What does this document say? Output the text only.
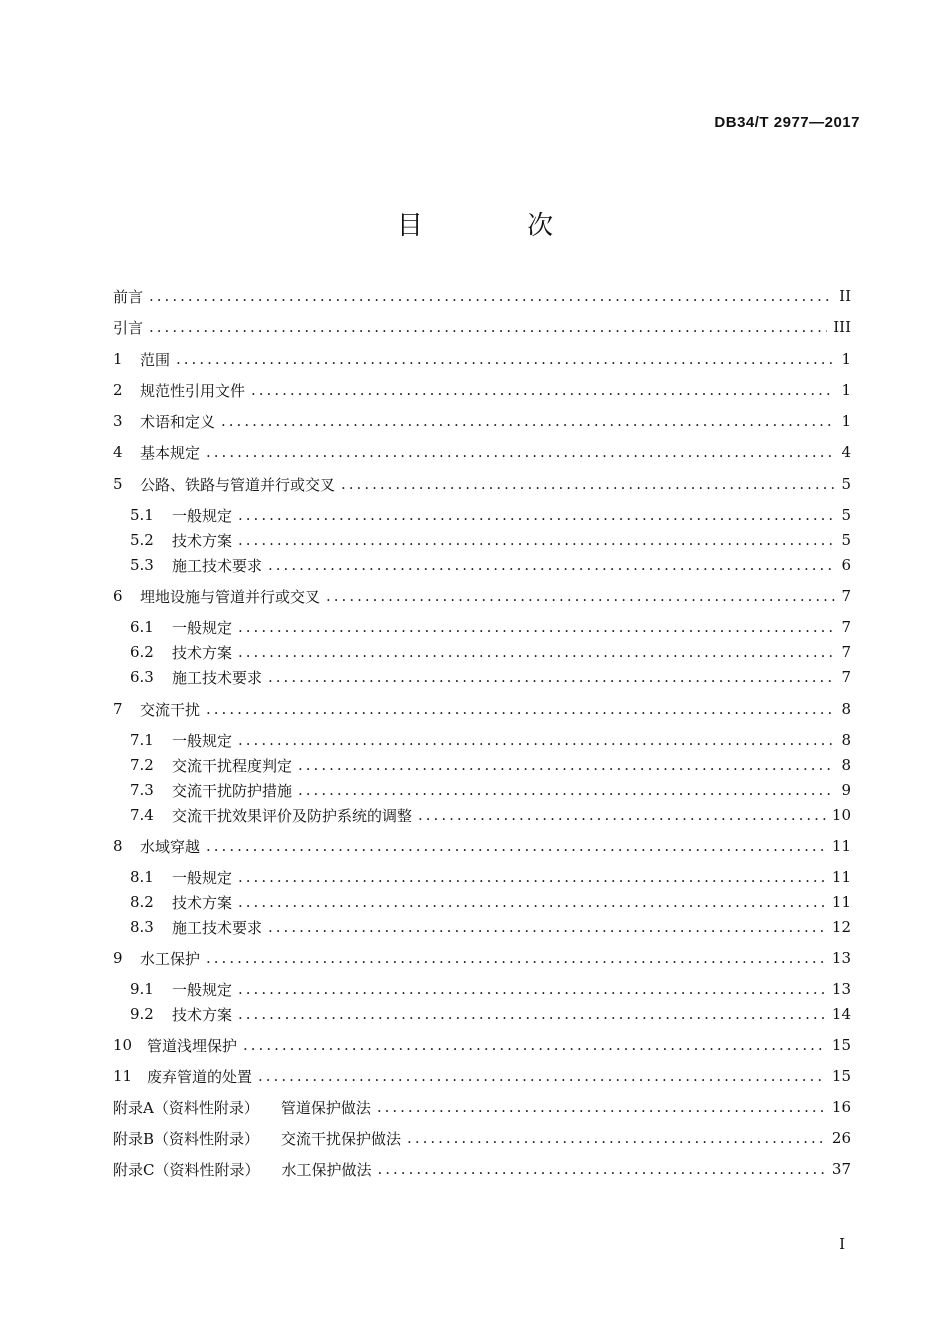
DB34/T 2977—2017
目 次
前言 .....	II
引言 .....	III
1	范围 .....	1
2	规范性引用文件 .....	1
3	术语和定义 .....	1
4	基本规定 .....	4
5	公路、铁路与管道并行或交叉 .....	5
5.1	一般规定 .....	5
5.2	技术方案 .....	5
5.3	施工技术要求 .....	6
6	埋地设施与管道并行或交叉 .....	7
6.1	一般规定 .....	7
6.2	技术方案 .....	7
6.3	施工技术要求 .....	7
7	交流干扰 .....	8
7.1	一般规定 .....	8
7.2	交流干扰程度判定 .....	8
7.3	交流干扰防护措施 .....	9
7.4	交流干扰效果评价及防护系统的调整 .....	10
8	水域穿越 .....	11
8.1	一般规定 .....	11
8.2	技术方案 .....	11
8.3	施工技术要求 .....	12
9	水工保护 .....	13
9.1	一般规定 .....	13
9.2	技术方案 .....	14
10 管道浅埋保护 .....	15
11 废弃管道的处置 .....	15
附录A（资料性附录） 管道保护做法 .....	16
附录B（资料性附录） 交流干扰保护做法 .....	26
附录C（资料性附录） 水工保护做法 .....	37
I
